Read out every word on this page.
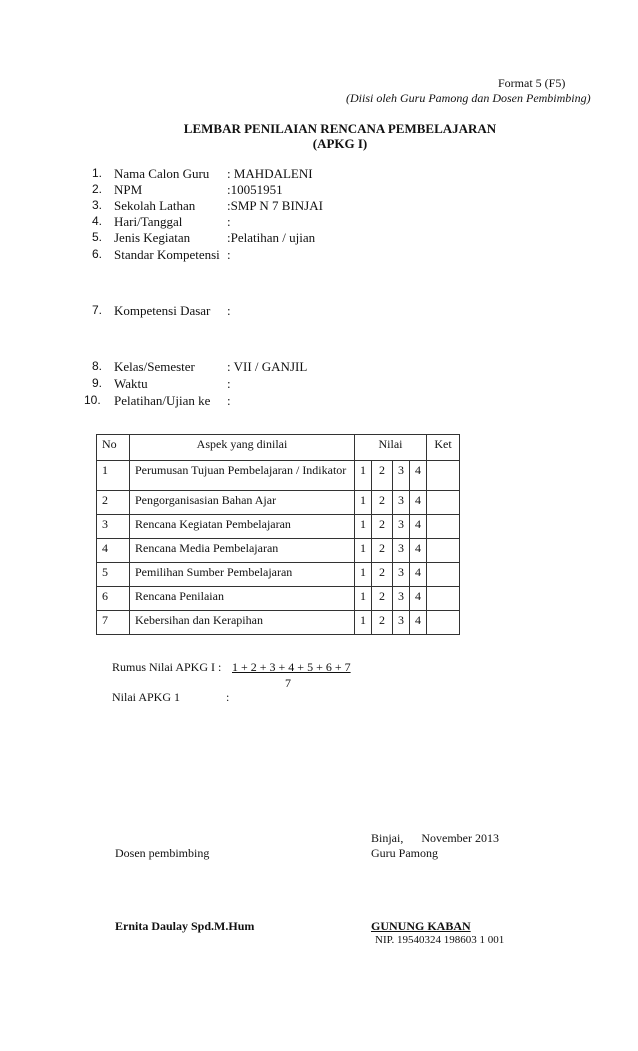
Format 5 (F5)
(Diisi oleh Guru Pamong dan Dosen Pembimbing)
LEMBAR PENILAIAN RENCANA PEMBELAJARAN
(APKG I)
1. Nama Calon Guru : MAHDALENI
2. NPM	:10051951
3. Sekolah Lathan :SMP N 7 BINJAI
4. Hari/Tanggal	:
5. Jenis Kegiatan	:Pelatihan / ujian
6. Standar Kompetensi :
7. Kompetensi Dasar :
8. Kelas/Semester : VII / GANJIL
9. Waktu	:
10. Pelatihan/Ujian ke :
No	Aspek yang dinilai	Nilai				Ket
1	Perumusan Tujuan Pembelajaran / Indikator	1	2	3	4	
2	Pengorganisasian Bahan Ajar	1	2	3	4	
3	Rencana Kegiatan Pembelajaran	1	2	3	4	
4	Rencana Media Pembelajaran	1	2	3	4	
5	Pemilihan Sumber Pembelajaran	1	2	3	4	
6	Rencana Penilaian	1	2	3	4	
7	Kebersihan dan Kerapihan	1	2	3	4	
Rumus Nilai APKG I : 1 + 2 + 3 + 4 + 5 + 6 + 7
7
Nilai APKG 1	:
Binjai,      November 2013
Dosen pembimbing	Guru Pamong
Ernita Daulay Spd.M.Hum	GUNUNG KABAN
NIP. 19540324 198603 1 001
